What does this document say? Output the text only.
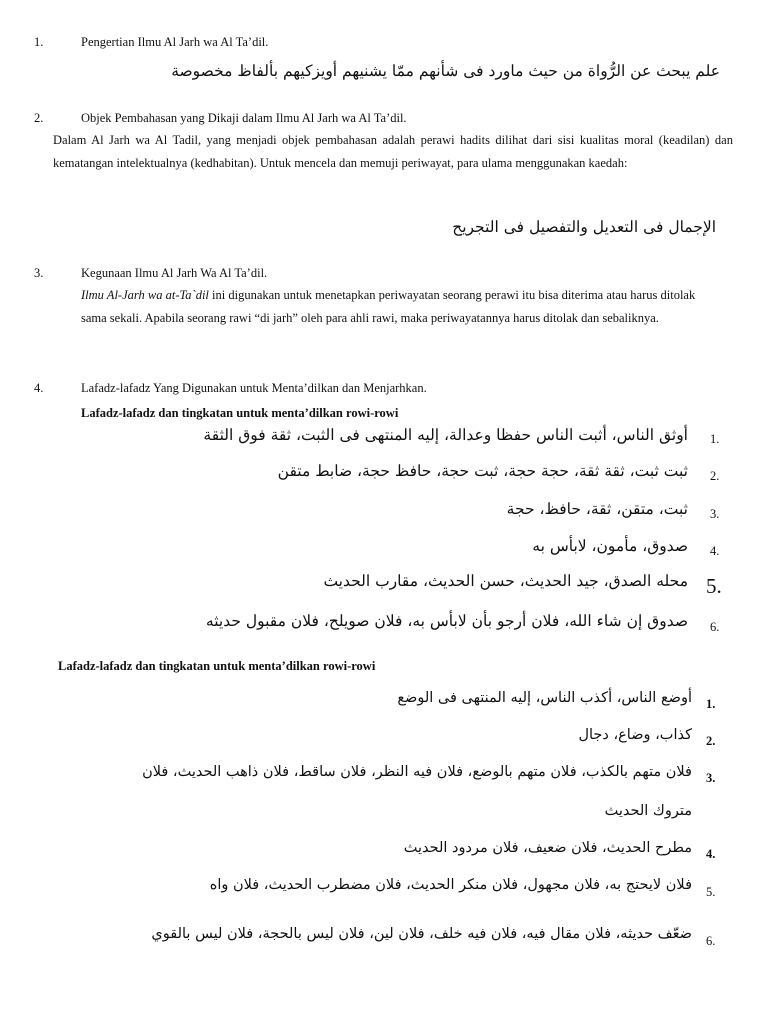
1.	Pengertian Ilmu Al Jarh wa Al Ta’dil.
علم يبحث عن الرُّواة من حيث ماورد فى شأنهم ممّا يشنيهم أويزكيهم بألفاظ مخصوصة
2.	Objek Pembahasan yang Dikaji dalam Ilmu Al Jarh wa Al Ta’dil.
Dalam Al Jarh wa Al Tadil, yang menjadi objek pembahasan adalah perawi hadits dilihat dari sisi kualitas moral (keadilan) dan kematangan intelektualnya (kedhabitan). Untuk mencela dan memuji periwayat, para ulama menggunakan kaedah:
الإجمال فى التعديل والتفصيل فى التجريح
3.	Kegunaan Ilmu Al Jarh Wa Al Ta’dil.
Ilmu Al-Jarh wa at-Ta`dil ini digunakan untuk menetapkan periwayatan seorang perawi itu bisa diterima atau harus ditolak sama sekali. Apabila seorang rawi “di jarh” oleh para ahli rawi, maka periwayatannya harus ditolak dan sebaliknya.
4.	Lafadz-lafadz Yang Digunakan untuk Menta’dilkan dan Menjarhkan.
Lafadz-lafadz dan tingkatan untuk menta’dilkan rowi-rowi
1.
أوثق الناس، أثبت الناس حفظا وعدالة، إليه المنتهى فى الثبت، ثقة فوق الثقة
2.
ثبت ثبت، ثقة ثقة، حجة حجة، ثبت حجة، حافظ حجة، ضابط متقن
3.
ثبت، متقن، ثقة، حافظ، حجة
4.
صدوق، مأمون، لابأس به
5.
محله الصدق، جيد الحديث، حسن الحديث، مقارب الحديث
6.
صدوق إن شاء الله، فلان أرجو بأن لابأس به، فلان صويلح، فلان مقبول حديثه
Lafadz-lafadz dan tingkatan untuk menta’dilkan rowi-rowi
1.
أوضع الناس، أكذب الناس، إليه المنتهى فى الوضع
2.
كذاب، وضاع، دجال
3.
فلان متهم بالكذب، فلان متهم بالوضع، فلان فيه النظر، فلان ساقط، فلان ذاهب الحديث، فلان
متروك الحديث
4.
مطرح الحديث، فلان ضعيف، فلان مردود الحديث
5.
فلان لايحتج به، فلان مجهول، فلان منكر الحديث، فلان مضطرب الحديث، فلان واه
6.
ضعّف حديثه، فلان مقال فيه، فلان فيه خلف، فلان لين، فلان ليس بالحجة، فلان ليس بالقوي
